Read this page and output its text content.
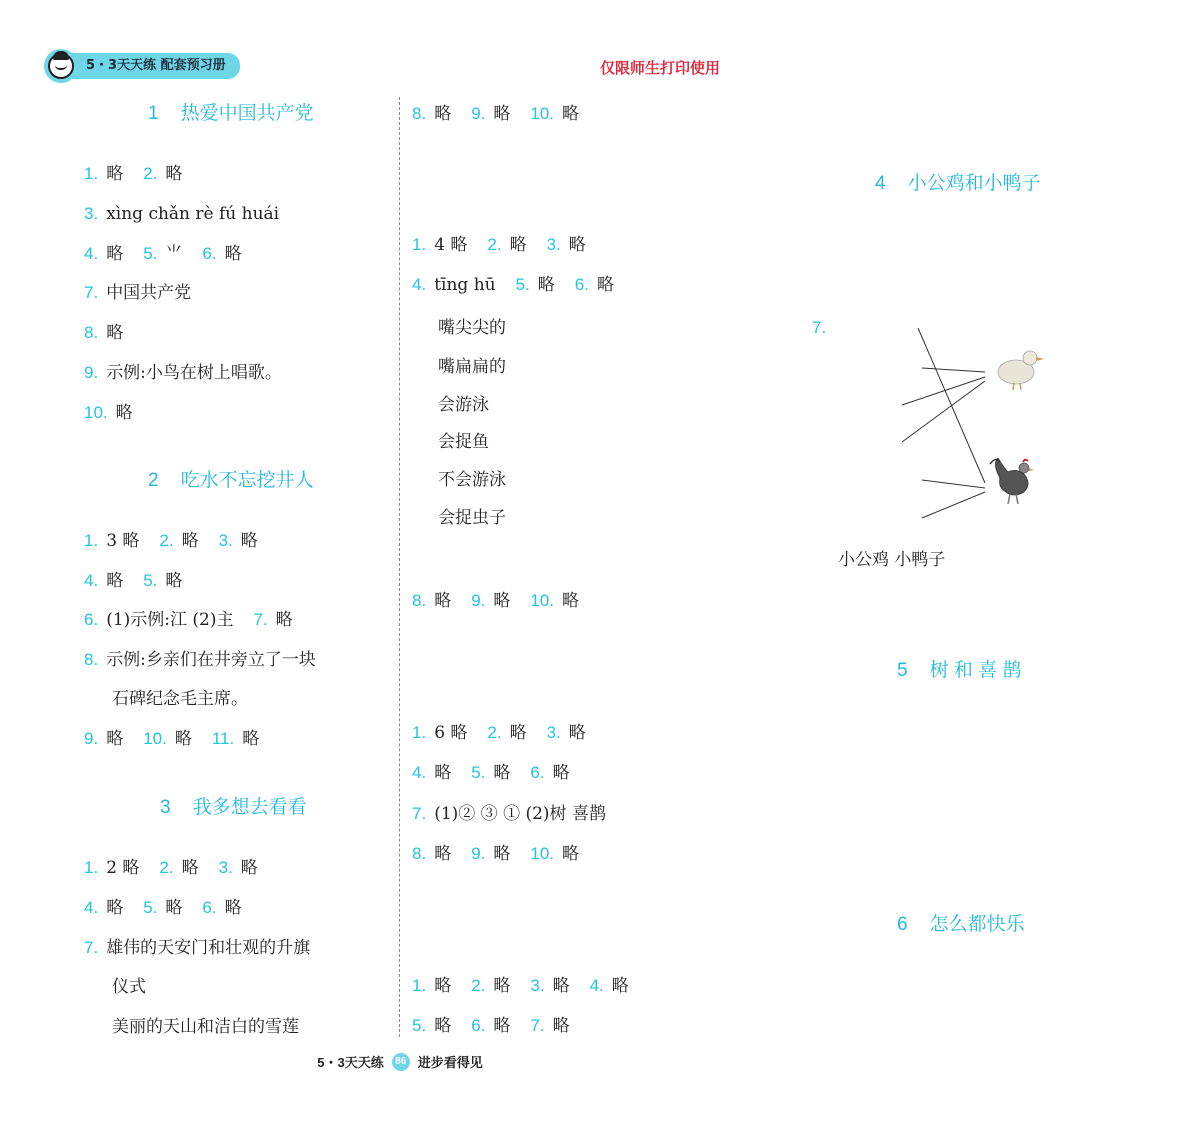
5・3天天练 配套预习册	仅限师生打印使用
1 热爱中国共产党
2 吃水不忘挖井人
3 我多想去看看
4 小公鸡和小鸭子
7.
小公鸡 小鸭子
5 树 和 喜 鹊
6 怎么都快乐
5・3天天练	86 进步看得见
1. 略 2. 略
3. xìng chǎn rè fú huái
4. 略 5. ⺌ 6. 略
7. 中国共产党
8. 略
9. 示例:小鸟在树上唱歌。
10. 略
1. 3 略 2. 略 3. 略
4. 略 5. 略
6. (1)示例:江 (2)主 7. 略
8. 示例:乡亲们在井旁立了一块
石碑纪念毛主席。
9. 略 10. 略 11. 略
1. 2 略 2. 略 3. 略
4. 略 5. 略 6. 略
7. 雄伟的天安门和壮观的升旗
仪式
美丽的天山和洁白的雪莲
1. 4 略 2. 略 3. 略
4. tīng hū 5. 略 6. 略
1. 6 略 2. 略 3. 略
4. 略 5. 略 6. 略
7. (1)② ③ ① (2)树 喜鹊
8. 略 9. 略 10. 略
1. 略 2. 略 3. 略 4. 略
5. 略 6. 略 7. 略
8. 略 9. 略 10. 略
8. 略 9. 略 10. 略
嘴尖尖的
嘴扁扁的
会游泳
会捉鱼
不会游泳
会捉虫子
